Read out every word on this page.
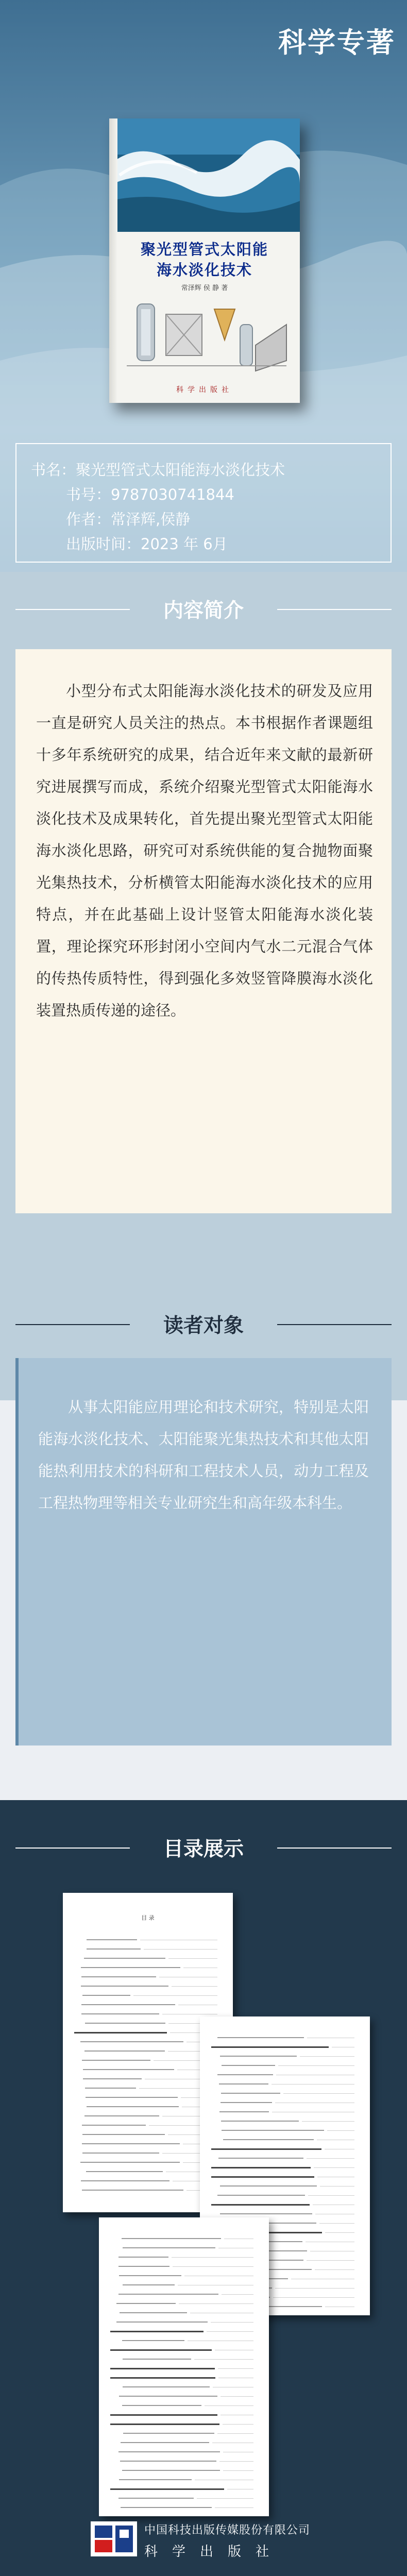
科学专著
聚光型管式太阳能
海水淡化技术
常泽辉 侯 静 著
科学出版社
书名：聚光型管式太阳能海水淡化技术
书号：9787030741844
作者：常泽辉,侯静
出版时间：2023 年 6月
内容简介

小型分布式太阳能海水淡化技术的研发及应用一直是研究人员关注的热点。本书根据作者课题组十多年系统研究的成果，结合近年来文献的最新研究进展撰写而成，系统介绍聚光型管式太阳能海水淡化技术及成果转化，首先提出聚光型管式太阳能海水淡化思路，研究可对系统供能的复合抛物面聚光集热技术，分析横管太阳能海水淡化技术的应用特点，并在此基础上设计竖管太阳能海水淡化装置，理论探究环形封闭小空间内气水二元混合气体的传热传质特性，得到强化多效竖管降膜海水淡化装置热质传递的途径。

读者对象

从事太阳能应用理论和技术研究，特别是太阳能海水淡化技术、太阳能聚光集热技术和其他太阳能热利用技术的科研和工程技术人员，动力工程及工程热物理等相关专业研究生和高年级本科生。

目录展示
目 录
中国科技出版传媒股份有限公司
科学出版社
